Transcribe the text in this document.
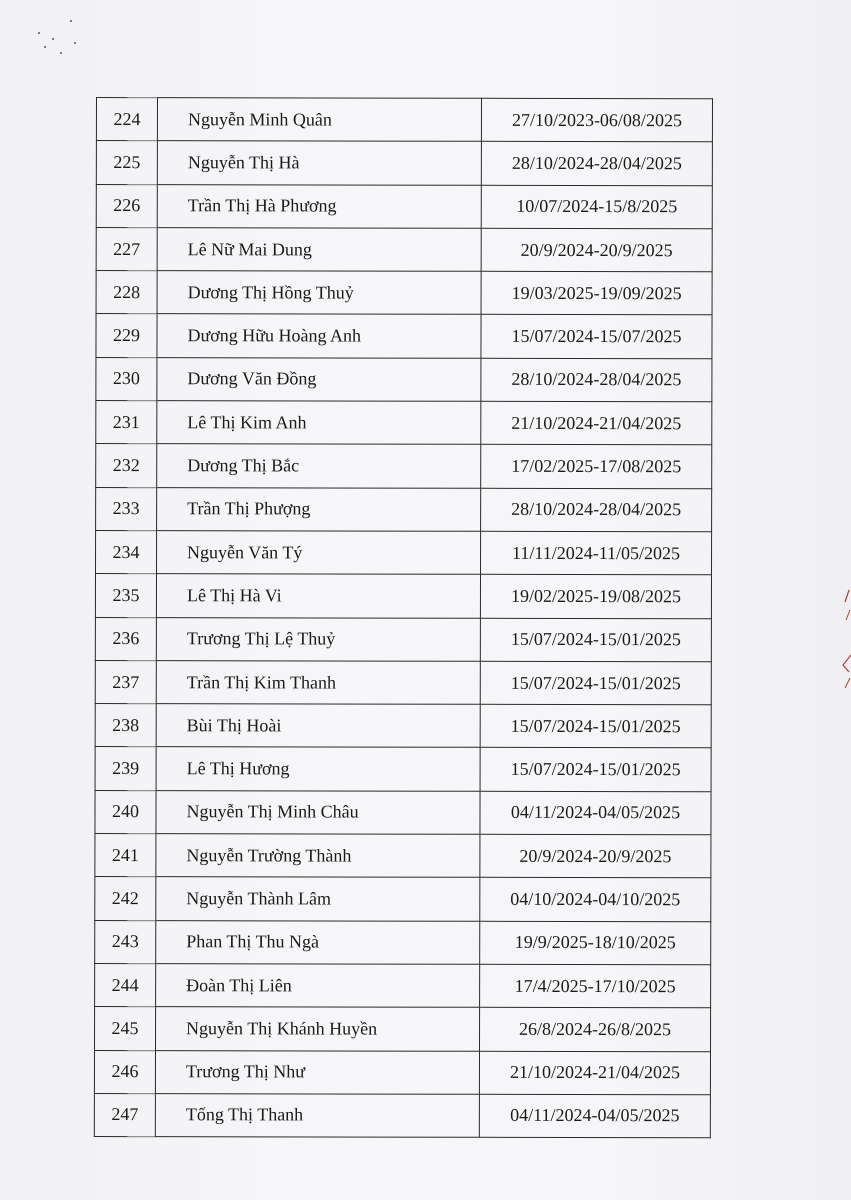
224	Nguyễn Minh Quân	27/10/2023-06/08/2025
225	Nguyễn Thị Hà	28/10/2024-28/04/2025
226	Trần Thị Hà Phương	10/07/2024-15/8/2025
227	Lê Nữ Mai Dung	20/9/2024-20/9/2025
228	Dương Thị Hồng Thuỷ	19/03/2025-19/09/2025
229	Dương Hữu Hoàng Anh	15/07/2024-15/07/2025
230	Dương Văn Đồng	28/10/2024-28/04/2025
231	Lê Thị Kim Anh	21/10/2024-21/04/2025
232	Dương Thị Bắc	17/02/2025-17/08/2025
233	Trần Thị Phượng	28/10/2024-28/04/2025
234	Nguyễn Văn Tý	11/11/2024-11/05/2025
235	Lê Thị Hà Vi	19/02/2025-19/08/2025
236	Trương Thị Lệ Thuỷ	15/07/2024-15/01/2025
237	Trần Thị Kim Thanh	15/07/2024-15/01/2025
238	Bùi Thị Hoài	15/07/2024-15/01/2025
239	Lê Thị Hương	15/07/2024-15/01/2025
240	Nguyễn Thị Minh Châu	04/11/2024-04/05/2025
241	Nguyễn Trường Thành	20/9/2024-20/9/2025
242	Nguyễn Thành Lâm	04/10/2024-04/10/2025
243	Phan Thị Thu Ngà	19/9/2025-18/10/2025
244	Đoàn Thị Liên	17/4/2025-17/10/2025
245	Nguyễn Thị Khánh Huyền	26/8/2024-26/8/2025
246	Trương Thị Như	21/10/2024-21/04/2025
247	Tống Thị Thanh	04/11/2024-04/05/2025
